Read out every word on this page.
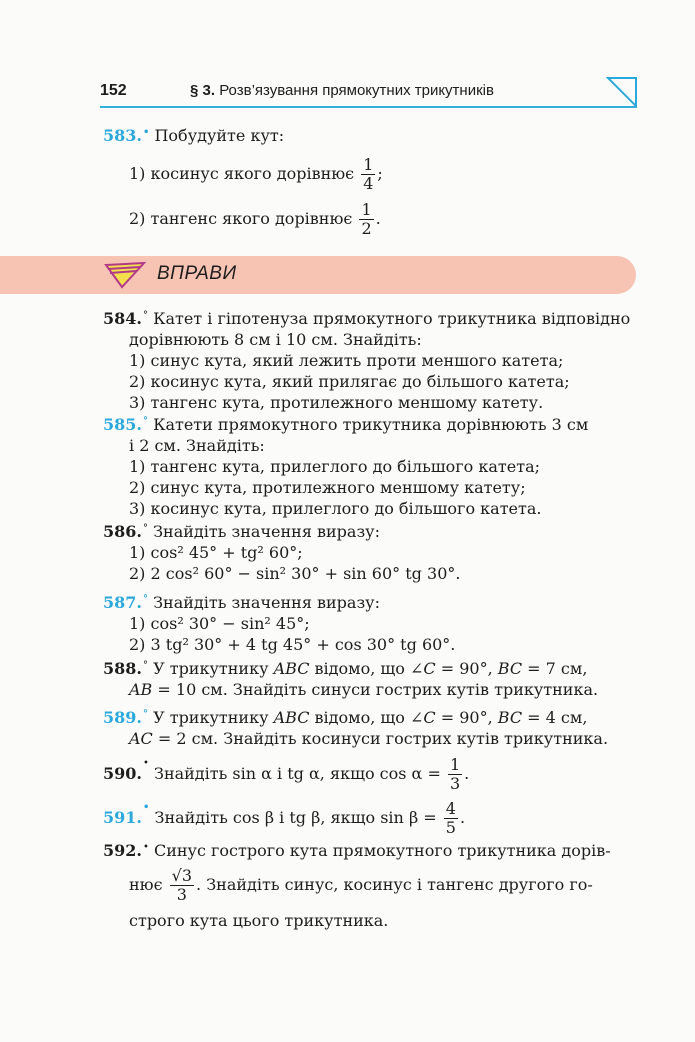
152	§ 3. Розв’язування прямокутних трикутників
583.• Побудуйте кут:
1) косинус якого дорівнює $\frac{1}{4}$ ;
2) тангенс якого дорівнює $\frac{1}{2}$ .
ВПРАВИ
584.° Катет і гіпотенуза прямокутного трикутника відповідно
дорівнюють 8 см і 10 см. Знайдіть:
1) синус кута, який лежить проти меншого катета;
2) косинус кута, який прилягає до більшого катета;
3) тангенс кута, протилежного меншому катету.
585.° Катети прямокутного трикутника дорівнюють 3 см
і 2 см. Знайдіть:
1) тангенс кута, прилеглого до більшого катета;
2) синус кута, протилежного меншому катету;
3) косинус кута, прилеглого до більшого катета.
586.° Знайдіть значення виразу:
1) cos² 45° + tg² 60°;
2) 2 cos² 60° − sin² 30° + sin 60° tg 30°.
587.° Знайдіть значення виразу:
1) cos² 30° − sin² 45°;
2) 3 tg² 30° + 4 tg 45° + cos 30° tg 60°.
588.° У трикутнику ABC відомо, що ∠C = 90°, BC = 7 см,
AB = 10 см. Знайдіть синуси гострих кутів трикутника.
589.° У трикутнику ABC відомо, що ∠C = 90°, BC = 4 см,
AC = 2 см. Знайдіть косинуси гострих кутів трикутника.
590.• Знайдіть sin α і tg α, якщо $\cos \alpha = \frac{1}{3}$ .
591.• Знайдіть cos β і tg β, якщо $\sin \beta = \frac{4}{5}$ .
592.• Синус гострого кута прямокутного трикутника дорів-
нює $\frac{√3}{3}$ . Знайдіть синус, косинус і тангенс другого го-
строго кута цього трикутника.
